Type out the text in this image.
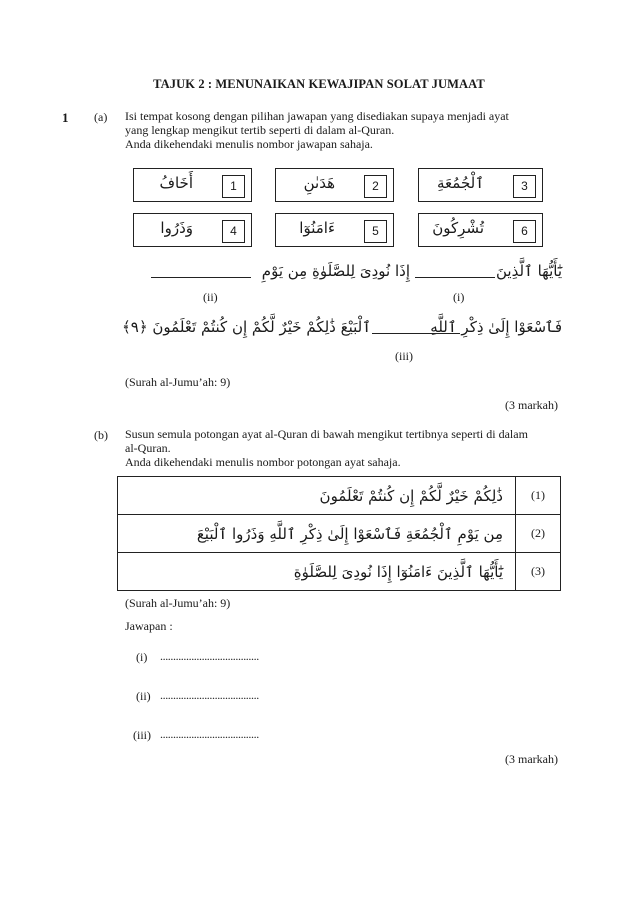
TAJUK 2 : MENUNAIKAN KEWAJIPAN SOLAT JUMAAT
1 (a) Isi tempat kosong dengan pilihan jawapan yang disediakan supaya menjadi ayat
yang lengkap mengikut tertib seperti di dalam al-Quran.
Anda dikehendaki menulis nombor jawapan sahaja.
أَخَافُ	1	هَدَىٰنِ	2	ٱلْجُمُعَةِ	3
وَذَرُوا	4	ءَامَنُوٓا	5	تُشْرِكُونَ	6
يَٰٓأَيُّهَا ٱلَّذِينَ
إِذَا نُودِىَ لِلصَّلَوٰةِ مِن يَوْمِ
(ii)	(i)
فَٱسْعَوْا إِلَىٰ ذِكْرِ ٱللَّهِ
ٱلْبَيْعَ ذَٰلِكُمْ خَيْرٌ لَّكُمْ إِن كُنتُمْ تَعْلَمُونَ ﴿٩﴾
(iii)
(Surah al-Jumu’ah: 9)
(3 markah)
(b) Susun semula potongan ayat al-Quran di bawah mengikut tertibnya seperti di dalam
al-Quran.
Anda dikehendaki menulis nombor potongan ayat sahaja.
ذَٰلِكُمْ خَيْرٌ لَّكُمْ إِن كُنتُمْ تَعْلَمُونَ	(1)
مِن يَوْمِ ٱلْجُمُعَةِ فَٱسْعَوْا إِلَىٰ ذِكْرِ ٱللَّهِ وَذَرُوا ٱلْبَيْعَ	(2)
يَٰٓأَيُّهَا ٱلَّذِينَ ءَامَنُوٓا إِذَا نُودِىَ لِلصَّلَوٰةِ	(3)
(Surah al-Jumu’ah: 9)
Jawapan :
(i) ......................................
(ii) ......................................
(iii) ......................................
(3 markah)
